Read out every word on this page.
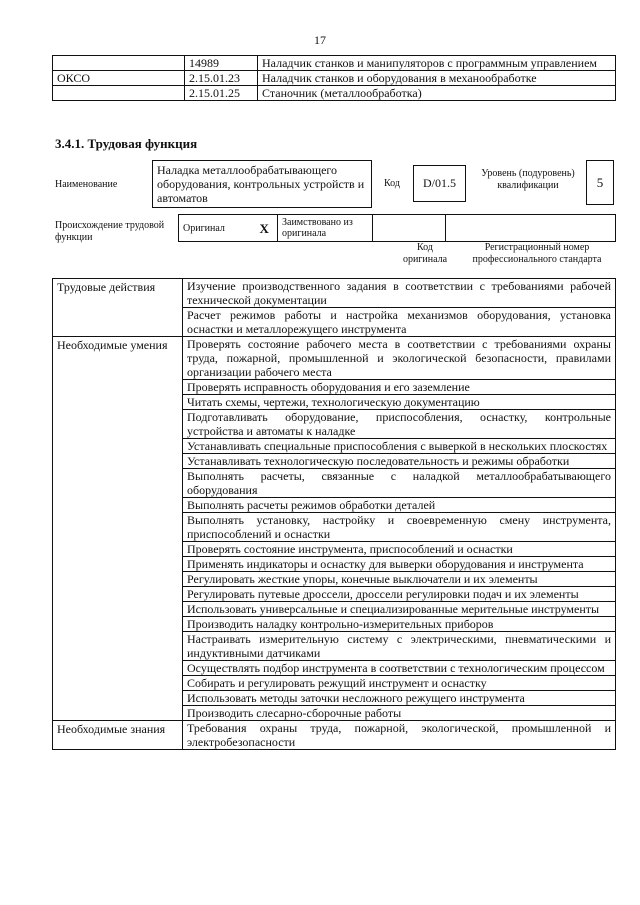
17
	14989	Наладчик станков и манипуляторов с программным управлением
ОКСО	2.15.01.23	Наладчик станков и оборудования в механообработке
	2.15.01.25	Станочник (металлообработка)
3.4.1. Трудовая функция
Наименование
Наладка металлообрабатывающего оборудования, контрольных устройств и автоматов
Код	D/01.5
Уровень (подуровень) квалификации	5
Происхождение трудовой функции
Оригинал	X	Заимствовано из оригинала		
Код оригинала
Регистрационный номер профессионального стандарта
Трудовые действия	Изучение производственного задания в соответствии с требованиями рабочей технической документации
	Расчет режимов работы и настройка механизмов оборудования, установка оснастки и металлорежущего инструмента
Необходимые умения	Проверять состояние рабочего места в соответствии с требованиями охраны труда, пожарной, промышленной и экологической безопасности, правилами организации рабочего места
	Проверять исправность оборудования и его заземление
	Читать схемы, чертежи, технологическую документацию
	Подготавливать оборудование, приспособления, оснастку, контрольные устройства и автоматы к наладке
	Устанавливать специальные приспособления с выверкой в нескольких плоскостях
	Устанавливать технологическую последовательность и режимы обработки
	Выполнять расчеты, связанные с наладкой металлообрабатывающего оборудования
	Выполнять расчеты режимов обработки деталей
	Выполнять установку, настройку и своевременную смену инструмента, приспособлений и оснастки
	Проверять состояние инструмента, приспособлений и оснастки
	Применять индикаторы и оснастку для выверки оборудования и инструмента
	Регулировать жесткие упоры, конечные выключатели и их элементы
	Регулировать путевые дроссели, дроссели регулировки подач и их элементы
	Использовать универсальные и специализированные мерительные инструменты
	Производить наладку контрольно-измерительных приборов
	Настраивать измерительную систему с электрическими, пневматическими и индуктивными датчиками
	Осуществлять подбор инструмента в соответствии с технологическим процессом
	Собирать и регулировать режущий инструмент и оснастку
	Использовать методы заточки несложного режущего инструмента
	Производить слесарно-сборочные работы
Необходимые знания	Требования охраны труда, пожарной, экологической, промышленной и электробезопасности
